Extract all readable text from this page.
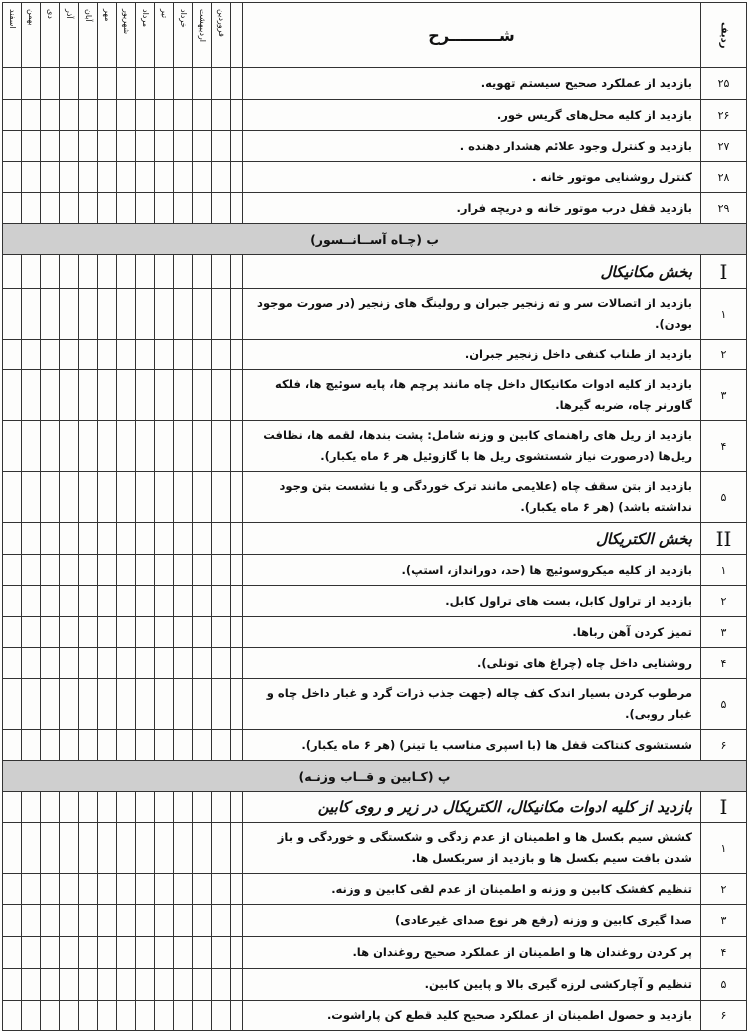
اسفند	بهمن	دی	آذر	آبان	مهر	شهریور	مرداد	تیر	خرداد	اردیبهشت	فروردین		شـــــــــرح	ردیف

													بازدید از عملکرد صحیح سیستم تهویه.	۲۵
													بازدید از کلیه محل‌های گریس خور.	۲۶
													بازدید و کنترل وجود علائم هشدار دهنده .	۲۷
													کنترل روشنایی موتور خانه .	۲۸
													بازدید قفل درب موتور خانه و دریچه فرار.	۲۹
ب (چـاه آســانــسور)														
													بخش مکانیکال	I
													بازدید از اتصالات سر و ته زنجیر جبران و رولینگ های زنجیر (در صورت موجود بودن).	۱
													بازدید از طناب کنفی داخل زنجیر جبران.	۲
													بازدید از کلیه ادوات مکانیکال داخل چاه مانند پرچم ها، پایه سوئیچ ها، فلکه گاورنر چاه، ضربه گیرها.	۳
													بازدید از ریل های راهنمای کابین و وزنه شامل: پشت بندها، لقمه ها، نظافت ریل‌ها (درصورت نیاز شستشوی ریل ها با گازوئیل هر ۶ ماه یکبار).	۴
													بازدید از بتن سقف چاه (علایمی مانند ترک خوردگی و یا نشست بتن وجود نداشته باشد) (هر ۶ ماه یکبار).	۵
													بخش الکتریکال	II
													بازدید از کلیه میکروسوئیچ ها (حد، دورانداز، استپ).	۱
													بازدید از تراول کابل، بست های تراول کابل.	۲
													تمیز کردن آهن رباها.	۳
													روشنایی داخل چاه (چراغ های تونلی).	۴
													مرطوب کردن بسیار اندک کف چاله (جهت جذب ذرات گرد و غبار داخل چاه و غبار روبی).	۵
													شستشوی کنتاکت قفل ها (با اسپری مناسب یا تینر) (هر ۶ ماه یکبار).	۶
پ (کـابین و قــاب وزنـه)														
													بازدید از کلیه ادوات مکانیکال، الکتریکال در زیر و روی کابین	I
													کشش سیم بکسل ها و اطمینان از عدم زدگی و شکستگی و خوردگی و باز شدن بافت سیم بکسل ها و بازدید از سربکسل ها.	۱
													تنظیم کفشک کابین و وزنه و اطمینان از عدم لقی کابین و وزنه.	۲
													صدا گیری کابین و وزنه (رفع هر نوع صدای غیرعادی)	۳
													پر کردن روغندان ها و اطمینان از عملکرد صحیح روغندان ها.	۴
													تنظیم و آچارکشی لرزه گیری بالا و پایین کابین.	۵
													بازدید و حصول اطمینان از عملکرد صحیح کلید قطع کن پاراشوت.	۶
